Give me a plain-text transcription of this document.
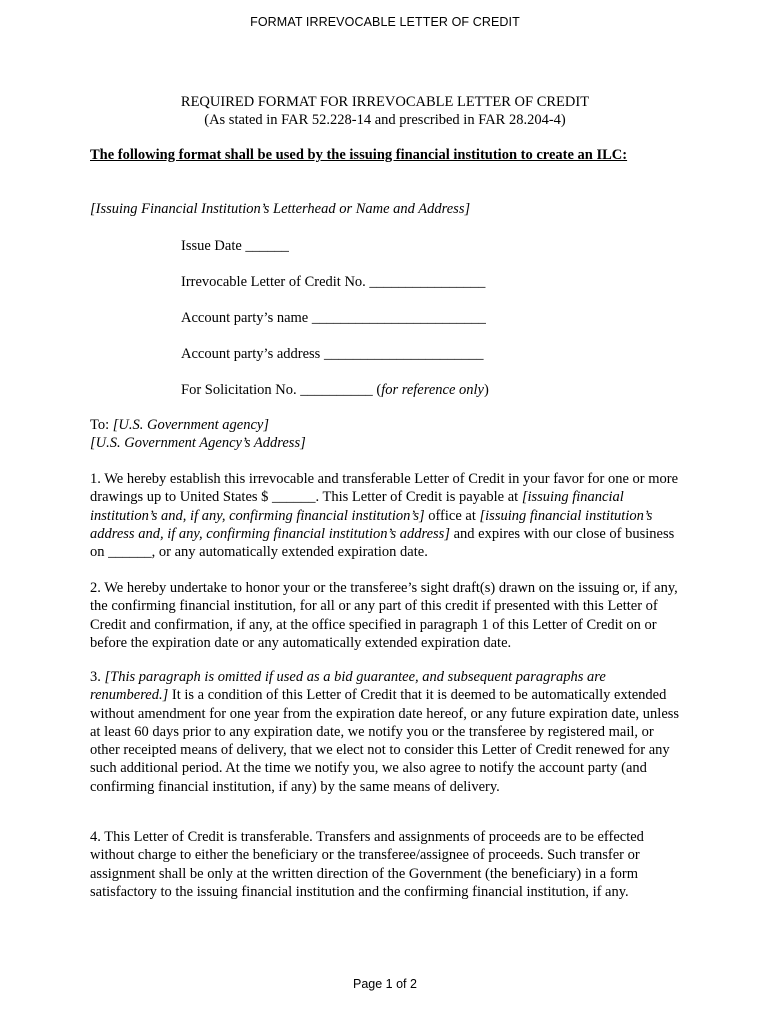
FORMAT IRREVOCABLE LETTER OF CREDIT
REQUIRED FORMAT FOR IRREVOCABLE LETTER OF CREDIT
(As stated in FAR 52.228-14 and prescribed in FAR 28.204-4)
The following format shall be used by the issuing financial institution to create an ILC:
[Issuing Financial Institution’s Letterhead or Name and Address]
Issue Date ______
Irrevocable Letter of Credit No. ________________
Account party’s name ________________________
Account party’s address ______________________
For Solicitation No. __________ (for reference only)
To: [U.S. Government agency]
[U.S. Government Agency’s Address]
1. We hereby establish this irrevocable and transferable Letter of Credit in your favor for one or more drawings up to United States $ ______. This Letter of Credit is payable at [issuing financial institution’s and, if any, confirming financial institution’s] office at [issuing financial institution’s address and, if any, confirming financial institution’s address] and expires with our close of business on ______, or any automatically extended expiration date.
2. We hereby undertake to honor your or the transferee’s sight draft(s) drawn on the issuing or, if any, the confirming financial institution, for all or any part of this credit if presented with this Letter of Credit and confirmation, if any, at the office specified in paragraph 1 of this Letter of Credit on or before the expiration date or any automatically extended expiration date.
3. [This paragraph is omitted if used as a bid guarantee, and subsequent paragraphs are renumbered.] It is a condition of this Letter of Credit that it is deemed to be automatically extended without amendment for one year from the expiration date hereof, or any future expiration date, unless at least 60 days prior to any expiration date, we notify you or the transferee by registered mail, or other receipted means of delivery, that we elect not to consider this Letter of Credit renewed for any such additional period. At the time we notify you, we also agree to notify the account party (and confirming financial institution, if any) by the same means of delivery.
4. This Letter of Credit is transferable. Transfers and assignments of proceeds are to be effected without charge to either the beneficiary or the transferee/assignee of proceeds. Such transfer or assignment shall be only at the written direction of the Government (the beneficiary) in a form satisfactory to the issuing financial institution and the confirming financial institution, if any.
Page 1 of 2
